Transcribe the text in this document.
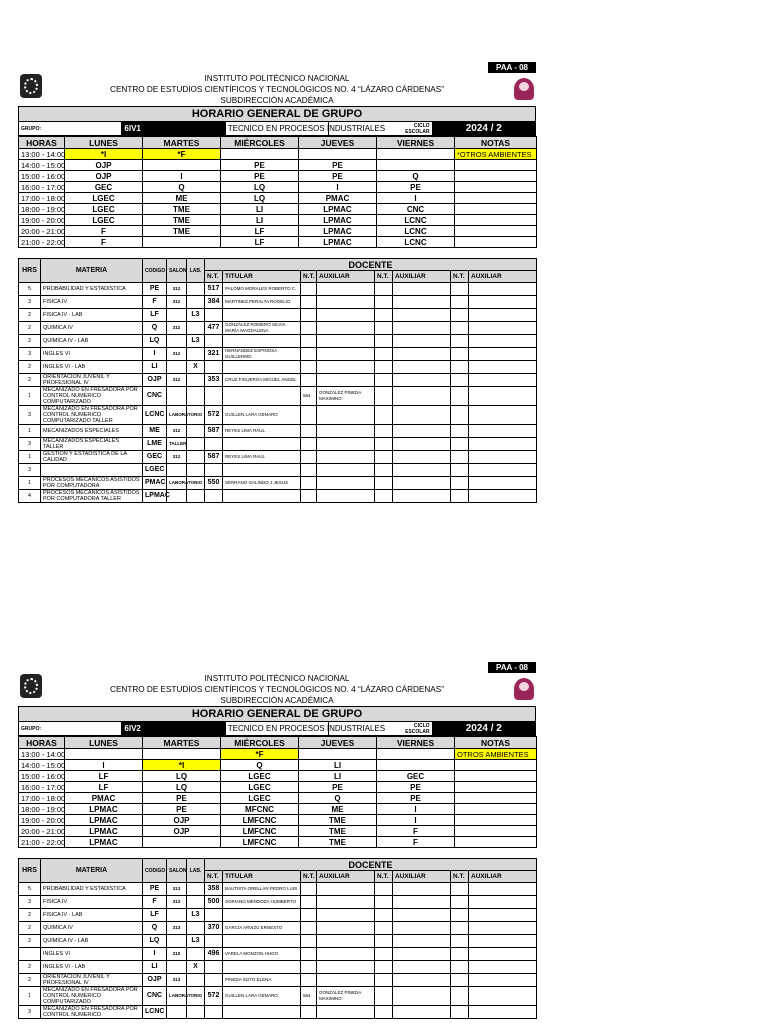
PAA - 08
INSTITUTO POLITÉCNICO NACIONAL
CENTRO DE ESTUDIOS CIENTÍFICOS Y TECNOLÓGICOS NO. 4 “LÁZARO CÁRDENAS”
SUBDIRECCIÓN ACADÉMICA
HORARIO GENERAL DE GRUPO
GRUPO:	6IV1	TECNICO EN PROCESOS INDUSTRIALES	CICLO
ESCOLAR	2024 / 2
HORAS	LUNES	MARTES	MIÉRCOLES	JUEVES	VIERNES	NOTAS
13:00 - 14:00	*I	*F				*OTROS AMBIENTES
14:00 - 15:00	OJP		PE	PE		
15:00 - 16:00	OJP	I	PE	PE	Q	
16:00 - 17:00	GEC	Q	LQ	I	PE	
17:00 - 18:00	LGEC	ME	LQ	PMAC	I	
18:00 - 19:00	LGEC	TME	LI	LPMAC	CNC	
19:00 - 20:00	LGEC	TME	LI	LPMAC	LCNC	
20:00 - 21:00	F	TME	LF	LPMAC	LCNC	
21:00 - 22:00	F		LF	LPMAC	LCNC	
HRS	MATERIA	CODIGO	SALON	LAB.	DOCENTE							
					N.T.	TITULAR	N.T.	AUXILIAR	N.T.	AUXILIAR	N.T.	AUXILIAR
5	PROBABILIDAD Y ESTADISTICA	PE	312		517	PALOMO MORALES ROBERTO C.						
3	FISICA IV	F	312		384	MARTINEZ PERALTA ROGELIO						
2	FISICA IV - LAB	LF		L3								
2	QUIMICA IV	Q	312		477	GONZÁLEZ ROMERO SILVIA MARÍA MAGDALENA						
2	QUIMICA IV - LAB	LQ		L3								
3	INGLES VI	I	312		321	HERNANDEZ ESPINOSA GUILLERMO						
2	INGLES VI - LAB	LI		X								
2	ORIENTACION JUVENIL Y PROFESIONAL IV	OJP	312		353	CRUZ FIGUEROA MIGUEL ANGEL						
1	MECANIZADO EN FRESADORA POR CONTROL NUMERICO COMPUTARIZADO	CNC					584	GONZALEZ PINEDA MAXIMINO				
3	MECANIZADO EN FRESADORA POR CONTROL NUMERICO COMPUTARIZADO TALLER	LCNC	LABORATORIO		572	GUILLEN LARA GENARO						
1	MECANIZADOS ESPECIALES	ME	312		587	REYES LIMA RAUL						
3	MECANIZADOS ESPECIALES TALLER	LME	TALLER									
1	GESTION Y ESTADISTICA DE LA CALIDAD	GEC	312		587	REYES LIMA RAUL						
3		LGEC										
1	PROCESOS MECANICOS ASISTIDOS POR COMPUTADORA	PMAC	LABORATORIO		550	SERRANO GALINDO J JESUS						
4	PROCESOS MECANICOS ASISTIDOS POR COMPUTADORA TALLER	LPMAC										
PAA - 08
INSTITUTO POLITÉCNICO NACIONAL
CENTRO DE ESTUDIOS CIENTÍFICOS Y TECNOLÓGICOS NO. 4 “LÁZARO CÁRDENAS”
SUBDIRECCIÓN ACADÉMICA
HORARIO GENERAL DE GRUPO
GRUPO:	6IV2	TECNICO EN PROCESOS INDUSTRIALES	CICLO
ESCOLAR	2024 / 2
HORAS	LUNES	MARTES	MIÉRCOLES	JUEVES	VIERNES	NOTAS
13:00 - 14:00			*F			OTROS AMBIENTES
14:00 - 15:00	I	*I	Q	LI		
15:00 - 16:00	LF	LQ	LGEC	LI	GEC	
16:00 - 17:00	LF	LQ	LGEC	PE	PE	
17:00 - 18:00	PMAC	PE	LGEC	Q	PE	
18:00 - 19:00	LPMAC	PE	MFCNC	ME	I	
19:00 - 20:00	LPMAC	OJP	LMFCNC	TME	I	
20:00 - 21:00	LPMAC	OJP	LMFCNC	TME	F	
21:00 - 22:00	LPMAC		LMFCNC	TME	F	
HRS	MATERIA	CODIGO	SALON	LAB.	DOCENTE							
					N.T.	TITULAR	N.T.	AUXILIAR	N.T.	AUXILIAR	N.T.	AUXILIAR
5	PROBABILIDAD Y ESTADISTICA	PE	313		358	BAUTISTA ORELLAN PEDRO LUIS						
3	FISICA IV	F	313		500	SORIANO MENDOZA HUMBERTO						
2	FISICA IV - LAB	LF		L3								
2	QUIMICA IV	Q	313		370	GARCÍA ARVIZU ERNESTO						
2	QUIMICA IV - LAB	LQ		L3								
	INGLES VI	I	210		496	VARELA MONZON HUGO						
2	INGLES VI - LAB	LI		X								
2	ORIENTACION JUVENIL Y PROFESIONAL IV	OJP	313			PINEDA SOTO ELENA						
1	MECANIZADO EN FRESADORA POR CONTROL NUMERICO COMPUTARIZADO	CNC	LABORATORIO		572	GUILLEN LARA GENARO	584	GONZALEZ PINEDA MAXIMINO				
3	MECANIZADO EN FRESADORA POR CONTROL NUMERICO	LCNC										
